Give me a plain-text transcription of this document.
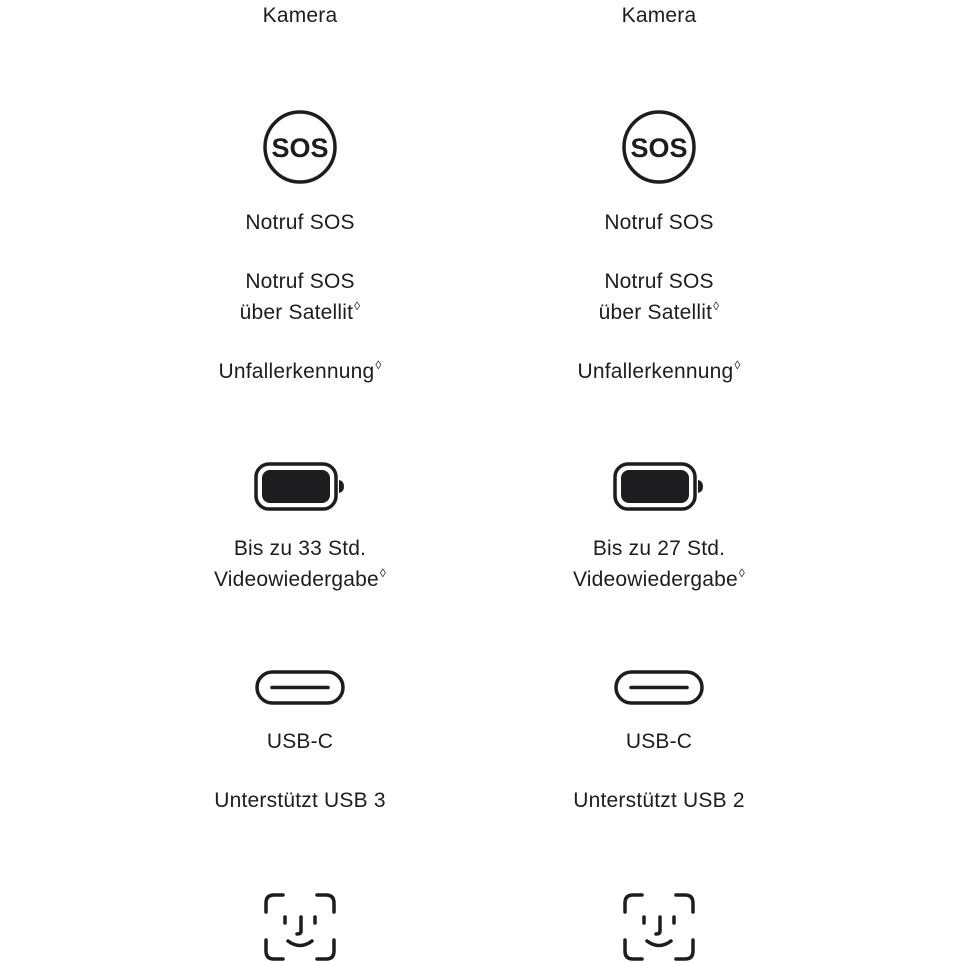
Kamera
SOS
Notruf SOS
Notruf SOS
über Satellit◊
Unfallerkennung◊
Bis zu 33 Std.
Videowiedergabe◊
USB-C
Unterstützt USB 3
Kamera
SOS
Notruf SOS
Notruf SOS
über Satellit◊
Unfallerkennung◊
Bis zu 27 Std.
Videowiedergabe◊
USB-C
Unterstützt USB 2
